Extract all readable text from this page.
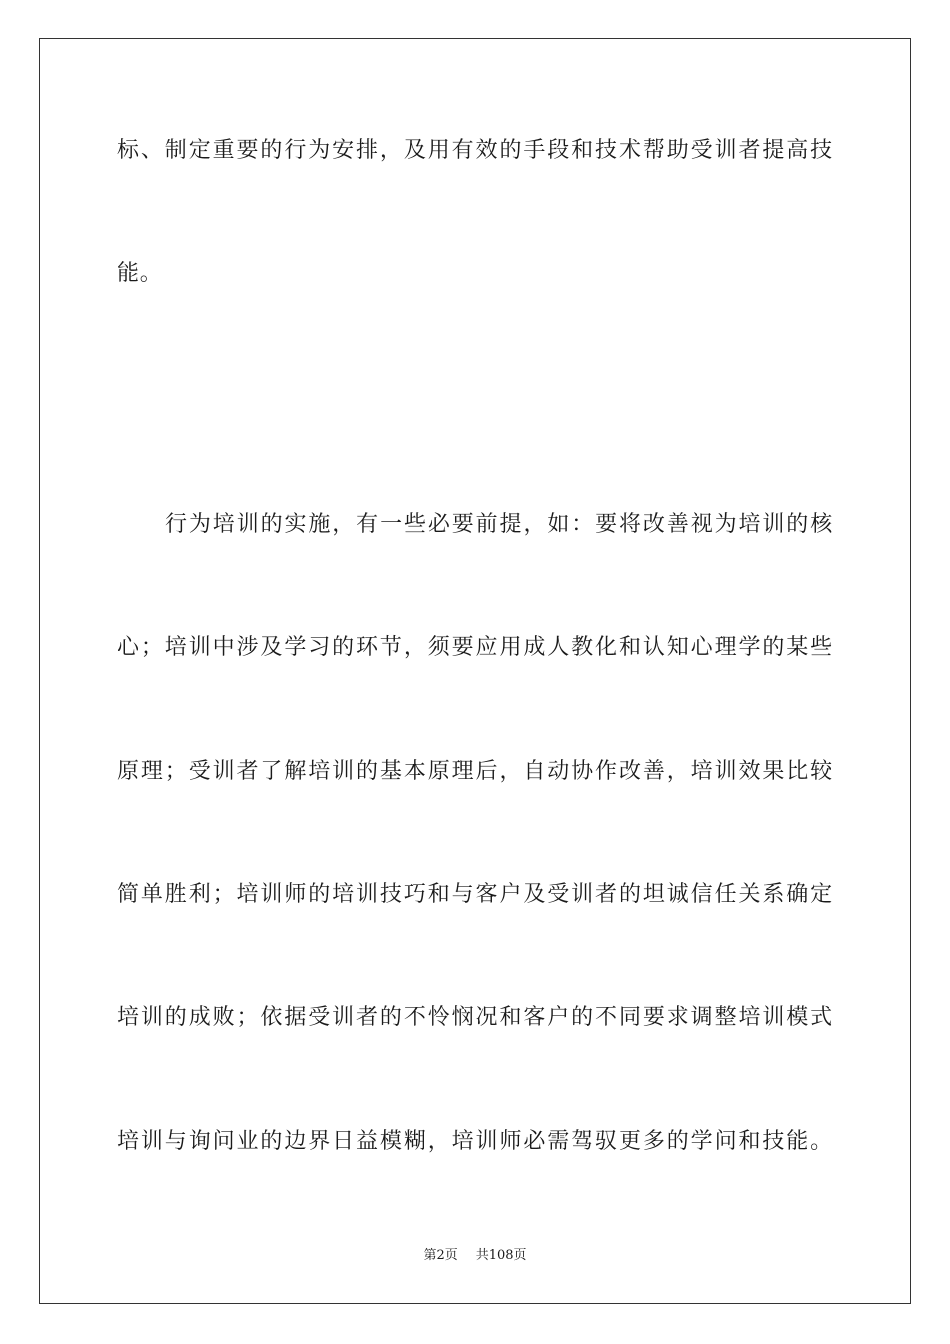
标、制定重要的行为安排，及用有效的手段和技术帮助受训者提高技
能。
行为培训的实施，有一些必要前提，如：要将改善视为培训的核
心；培训中涉及学习的环节，须要应用成人教化和认知心理学的某些
原理；受训者了解培训的基本原理后，自动协作改善，培训效果比较
简单胜利；培训师的培训技巧和与客户及受训者的坦诚信任关系确定
培训的成败；依据受训者的不怜悯况和客户的不同要求调整培训模式
培训与询问业的边界日益模糊，培训师必需驾驭更多的学问和技能。
第2页 共108页
